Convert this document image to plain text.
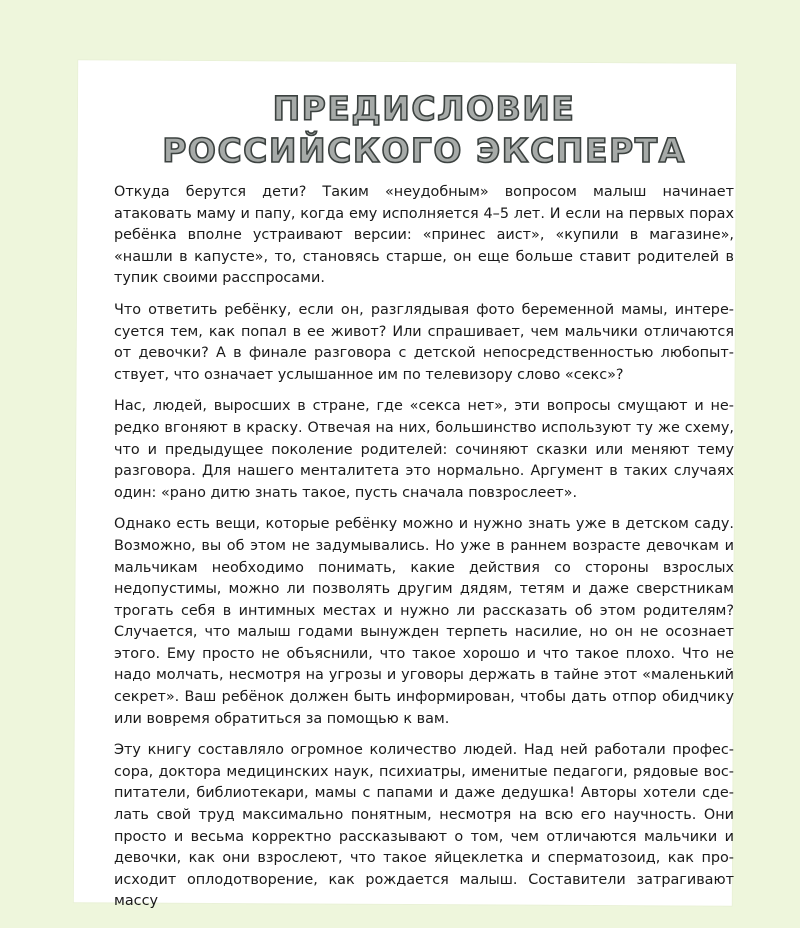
ПРЕДИСЛОВИЕ
РОССИЙСКОГО ЭКСПЕРТА

Откуда берутся дети? Таким «неудобным» вопросом малыш начинает атаковать маму и папу, когда ему исполняется 4–5 лет. И если на первых порах ребёнка вполне устраивают версии: «принес аист», «купили в магазине», «нашли в капусте», то, становясь старше, он еще больше ставит родителей в тупик своими расспросами.

Что ответить ребёнку, если он, разглядывая фото беременной мамы, интересуется тем, как попал в ее живот? Или спрашивает, чем мальчики отличаются от девочки? А в финале разговора с детской непосредственностью любопытствует, что означает услышанное им по телевизору слово «секс»?

Нас, людей, выросших в стране, где «секса нет», эти вопросы смущают и нередко вгоняют в краску. Отвечая на них, большинство используют ту же схему, что и предыдущее поколение родителей: сочиняют сказки или меняют тему разговора. Для нашего менталитета это нормально. Аргумент в таких случаях один: «рано дитю знать такое, пусть сначала повзрослеет».

Однако есть вещи, которые ребёнку можно и нужно знать уже в детском саду. Возможно, вы об этом не задумывались. Но уже в раннем возрасте девочкам и мальчикам необходимо понимать, какие действия со стороны взрослых недопустимы, можно ли позволять другим дядям, тетям и даже сверстникам трогать себя в интимных местах и нужно ли рассказать об этом родителям? Случается, что малыш годами вынужден терпеть насилие, но он не осознает этого. Ему просто не объяснили, что такое хорошо и что такое плохо. Что не надо молчать, несмотря на угрозы и уговоры держать в тайне этот «маленький секрет». Ваш ребёнок должен быть информирован, чтобы дать отпор обидчику или вовремя обратиться за помощью к вам.

Эту книгу составляло огромное количество людей. Над ней работали профессора, доктора медицинских наук, психиатры, именитые педагоги, рядовые воспитатели, библиотекари, мамы с папами и даже дедушка! Авторы хотели сделать свой труд максимально понятным, несмотря на всю его научность. Они просто и весьма корректно рассказывают о том, чем отличаются мальчики и девочки, как они взрослеют, что такое яйцеклетка и сперматозоид, как происходит оплодотворение, как рождается малыш. Составители затрагивают массу
